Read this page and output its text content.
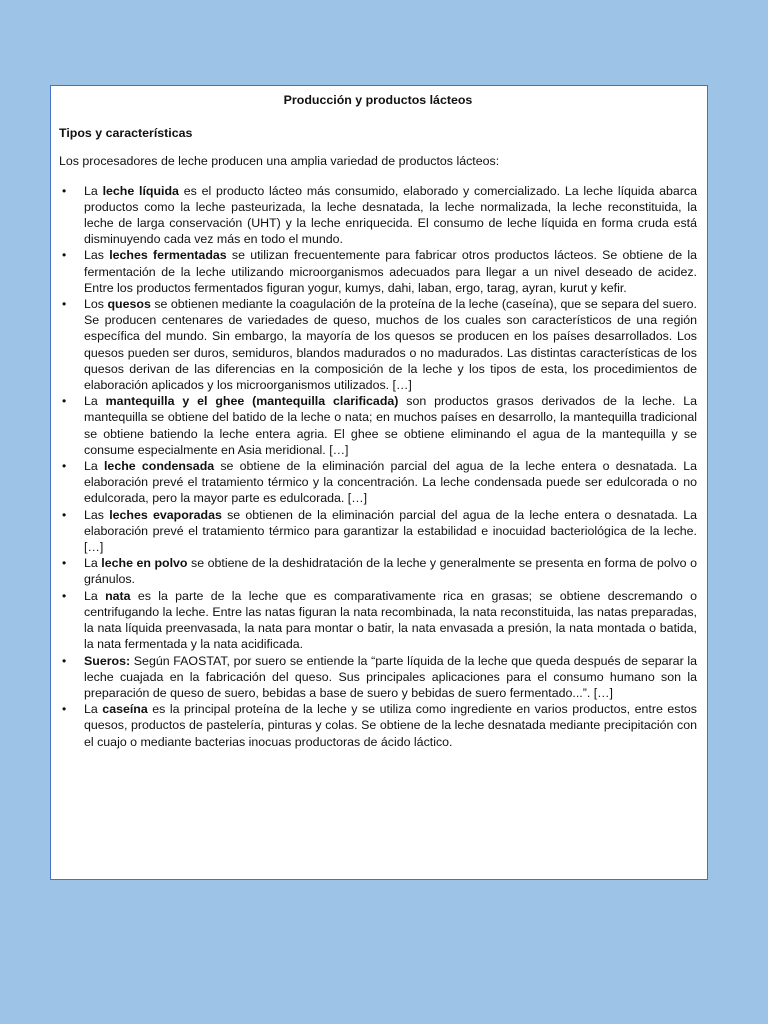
Producción y productos lácteos
Tipos y características
Los procesadores de leche producen una amplia variedad de productos lácteos:
• La leche líquida es el producto lácteo más consumido, elaborado y comercializado. La leche líquida abarca productos como la leche pasteurizada, la leche desnatada, la leche normalizada, la leche reconstituida, la leche de larga conservación (UHT) y la leche enriquecida. El consumo de leche líquida en forma cruda está disminuyendo cada vez más en todo el mundo.
• Las leches fermentadas se utilizan frecuentemente para fabricar otros productos lácteos. Se obtiene de la fermentación de la leche utilizando microorganismos adecuados para llegar a un nivel deseado de acidez. Entre los productos fermentados figuran yogur, kumys, dahi, laban, ergo, tarag, ayran, kurut y kefir.
• Los quesos se obtienen mediante la coagulación de la proteína de la leche (caseína), que se separa del suero. Se producen centenares de variedades de queso, muchos de los cuales son característicos de una región específica del mundo. Sin embargo, la mayoría de los quesos se producen en los países desarrollados. Los quesos pueden ser duros, semiduros, blandos madurados o no madurados. Las distintas características de los quesos derivan de las diferencias en la composición de la leche y los tipos de esta, los procedimientos de elaboración aplicados y los microorganismos utilizados. […]
• La mantequilla y el ghee (mantequilla clarificada) son productos grasos derivados de la leche. La mantequilla se obtiene del batido de la leche o nata; en muchos países en desarrollo, la mantequilla tradicional se obtiene batiendo la leche entera agria. El ghee se obtiene eliminando el agua de la mantequilla y se consume especialmente en Asia meridional. […]
• La leche condensada se obtiene de la eliminación parcial del agua de la leche entera o desnatada. La elaboración prevé el tratamiento térmico y la concentración. La leche condensada puede ser edulcorada o no edulcorada, pero la mayor parte es edulcorada. […]
• Las leches evaporadas se obtienen de la eliminación parcial del agua de la leche entera o desnatada. La elaboración prevé el tratamiento térmico para garantizar la estabilidad e inocuidad bacteriológica de la leche. […]
• La leche en polvo se obtiene de la deshidratación de la leche y generalmente se presenta en forma de polvo o gránulos.
• La nata es la parte de la leche que es comparativamente rica en grasas; se obtiene descremando o centrifugando la leche. Entre las natas figuran la nata recombinada, la nata reconstituida, las natas preparadas, la nata líquida preenvasada, la nata para montar o batir, la nata envasada a presión, la nata montada o batida, la nata fermentada y la nata acidificada.
• Sueros: Según FAOSTAT, por suero se entiende la “parte líquida de la leche que queda después de separar la leche cuajada en la fabricación del queso. Sus principales aplicaciones para el consumo humano son la preparación de queso de suero, bebidas a base de suero y bebidas de suero fermentado...”. […]
• La caseína es la principal proteína de la leche y se utiliza como ingrediente en varios productos, entre estos quesos, productos de pastelería, pinturas y colas. Se obtiene de la leche desnatada mediante precipitación con el cuajo o mediante bacterias inocuas productoras de ácido láctico.
